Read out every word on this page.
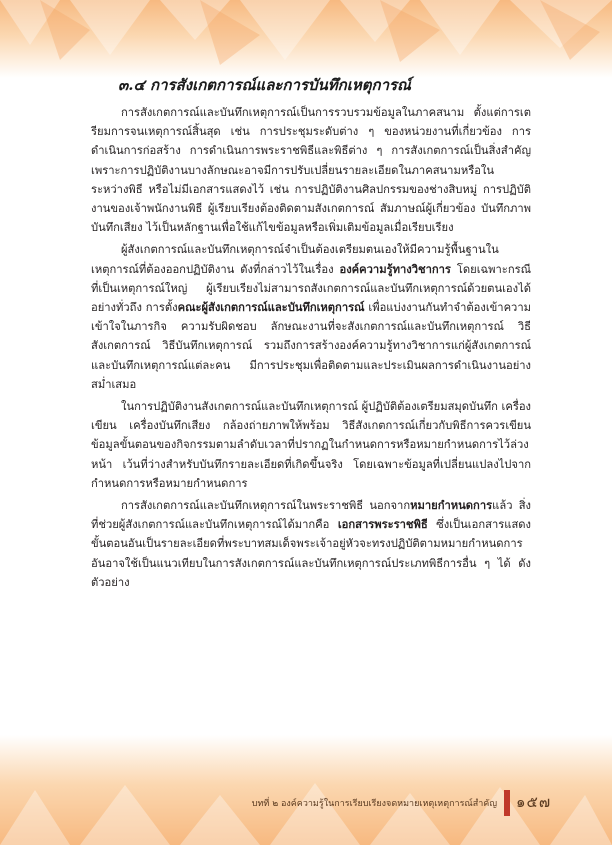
๓.๔ การสังเกตการณ์และการบันทึกเหตุการณ์

การสังเกตการณ์และบันทึกเหตุการณ์เป็นการรวบรวมข้อมูลในภาคสนาม ตั้งแต่การเตรียมการจนเหตุการณ์สิ้นสุด เช่น การประชุมระดับต่าง ๆ ของหน่วยงานที่เกี่ยวข้อง การดำเนินการก่อสร้าง การดำเนินการพระราชพิธีและพิธีต่าง ๆ การสังเกตการณ์เป็นสิ่งสำคัญเพราะการปฏิบัติงานบางลักษณะอาจมีการปรับเปลี่ยนรายละเอียดในภาคสนามหรือในระหว่างพิธี หรือไม่มีเอกสารแสดงไว้ เช่น การปฏิบัติงานศิลปกรรมของช่างสิบหมู่ การปฏิบัติงานของเจ้าพนักงานพิธี ผู้เรียบเรียงต้องติดตามสังเกตการณ์ สัมภาษณ์ผู้เกี่ยวข้อง บันทึกภาพ บันทึกเสียง ไว้เป็นหลักฐานเพื่อใช้แก้ไขข้อมูลหรือเพิ่มเติมข้อมูลเมื่อเรียบเรียง

ผู้สังเกตการณ์และบันทึกเหตุการณ์จำเป็นต้องเตรียมตนเองให้มีความรู้พื้นฐานในเหตุการณ์ที่ต้องออกปฏิบัติงาน ดังที่กล่าวไว้ในเรื่อง องค์ความรู้ทางวิชาการ โดยเฉพาะกรณีที่เป็นเหตุการณ์ใหญ่ ผู้เรียบเรียงไม่สามารถสังเกตการณ์และบันทึกเหตุการณ์ด้วยตนเองได้อย่างทั่วถึง การตั้งคณะผู้สังเกตการณ์และบันทึกเหตุการณ์ เพื่อแบ่งงานกันทำจำต้องเข้าความเข้าใจในภารกิจ ความรับผิดชอบ ลักษณะงานที่จะสังเกตการณ์และบันทึกเหตุการณ์ วิธีสังเกตการณ์ วิธีบันทึกเหตุการณ์ รวมถึงการสร้างองค์ความรู้ทางวิชาการแก่ผู้สังเกตการณ์และบันทึกเหตุการณ์แต่ละคน มีการประชุมเพื่อติดตามและประเมินผลการดำเนินงานอย่างสม่ำเสมอ

ในการปฏิบัติงานสังเกตการณ์และบันทึกเหตุการณ์ ผู้ปฏิบัติต้องเตรียมสมุดบันทึก เครื่องเขียน เครื่องบันทึกเสียง กล้องถ่ายภาพให้พร้อม วิธีสังเกตการณ์เกี่ยวกับพิธีการควรเขียนข้อมูลขั้นตอนของกิจกรรมตามลำดับเวลาที่ปรากฏในกำหนดการหรือหมายกำหนดการไว้ล่วงหน้า เว้นที่ว่างสำหรับบันทึกรายละเอียดที่เกิดขึ้นจริง โดยเฉพาะข้อมูลที่เปลี่ยนแปลงไปจากกำหนดการหรือหมายกำหนดการ

การสังเกตการณ์และบันทึกเหตุการณ์ในพระราชพิธี นอกจากหมายกำหนดการแล้ว สิ่งที่ช่วยผู้สังเกตการณ์และบันทึกเหตุการณ์ได้มากคือ เอกสารพระราชพิธี ซึ่งเป็นเอกสารแสดงขั้นตอนอันเป็นรายละเอียดที่พระบาทสมเด็จพระเจ้าอยู่หัวจะทรงปฏิบัติตามหมายกำหนดการ อันอาจใช้เป็นแนวเทียบในการสังเกตการณ์และบันทึกเหตุการณ์ประเภทพิธีการอื่น ๆ ได้ ดังตัวอย่าง

บทที่ ๒ องค์ความรู้ในการเรียบเรียงจดหมายเหตุเหตุการณ์สำคัญ ๑๕๗
